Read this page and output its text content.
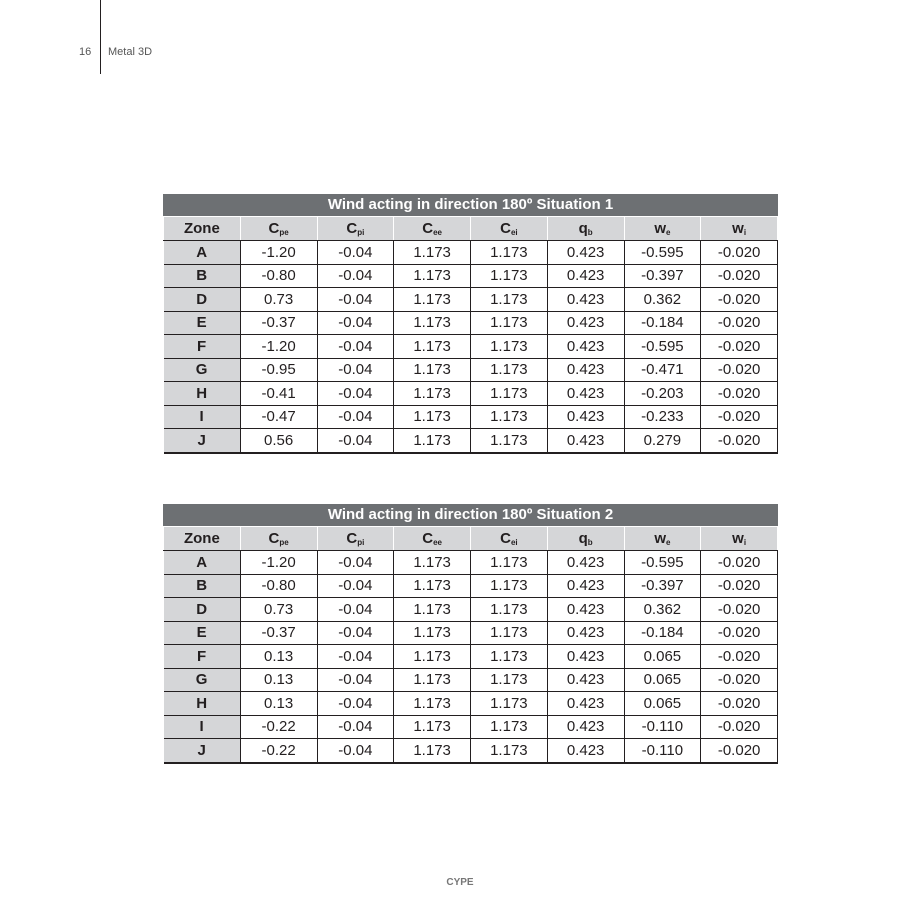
16 Metal 3D
Wind acting in direction 180º Situation 1
Zone	$C_{pe}$	$C_{pi}$	$C_{ee}$	$C_{ei}$	$q_b$	$w_e$	$w_i$
A	-1.20	-0.04	1.173	1.173	0.423	-0.595	-0.020
B	-0.80	-0.04	1.173	1.173	0.423	-0.397	-0.020
D	0.73	-0.04	1.173	1.173	0.423	0.362	-0.020
E	-0.37	-0.04	1.173	1.173	0.423	-0.184	-0.020
F	-1.20	-0.04	1.173	1.173	0.423	-0.595	-0.020
G	-0.95	-0.04	1.173	1.173	0.423	-0.471	-0.020
H	-0.41	-0.04	1.173	1.173	0.423	-0.203	-0.020
I	-0.47	-0.04	1.173	1.173	0.423	-0.233	-0.020
J	0.56	-0.04	1.173	1.173	0.423	0.279	-0.020
Wind acting in direction 180º Situation 2
Zone	$C_{pe}$	$C_{pi}$	$C_{ee}$	$C_{ei}$	$q_b$	$w_e$	$w_i$
A	-1.20	-0.04	1.173	1.173	0.423	-0.595	-0.020
B	-0.80	-0.04	1.173	1.173	0.423	-0.397	-0.020
D	0.73	-0.04	1.173	1.173	0.423	0.362	-0.020
E	-0.37	-0.04	1.173	1.173	0.423	-0.184	-0.020
F	0.13	-0.04	1.173	1.173	0.423	0.065	-0.020
G	0.13	-0.04	1.173	1.173	0.423	0.065	-0.020
H	0.13	-0.04	1.173	1.173	0.423	0.065	-0.020
I	-0.22	-0.04	1.173	1.173	0.423	-0.110	-0.020
J	-0.22	-0.04	1.173	1.173	0.423	-0.110	-0.020
CYPE
